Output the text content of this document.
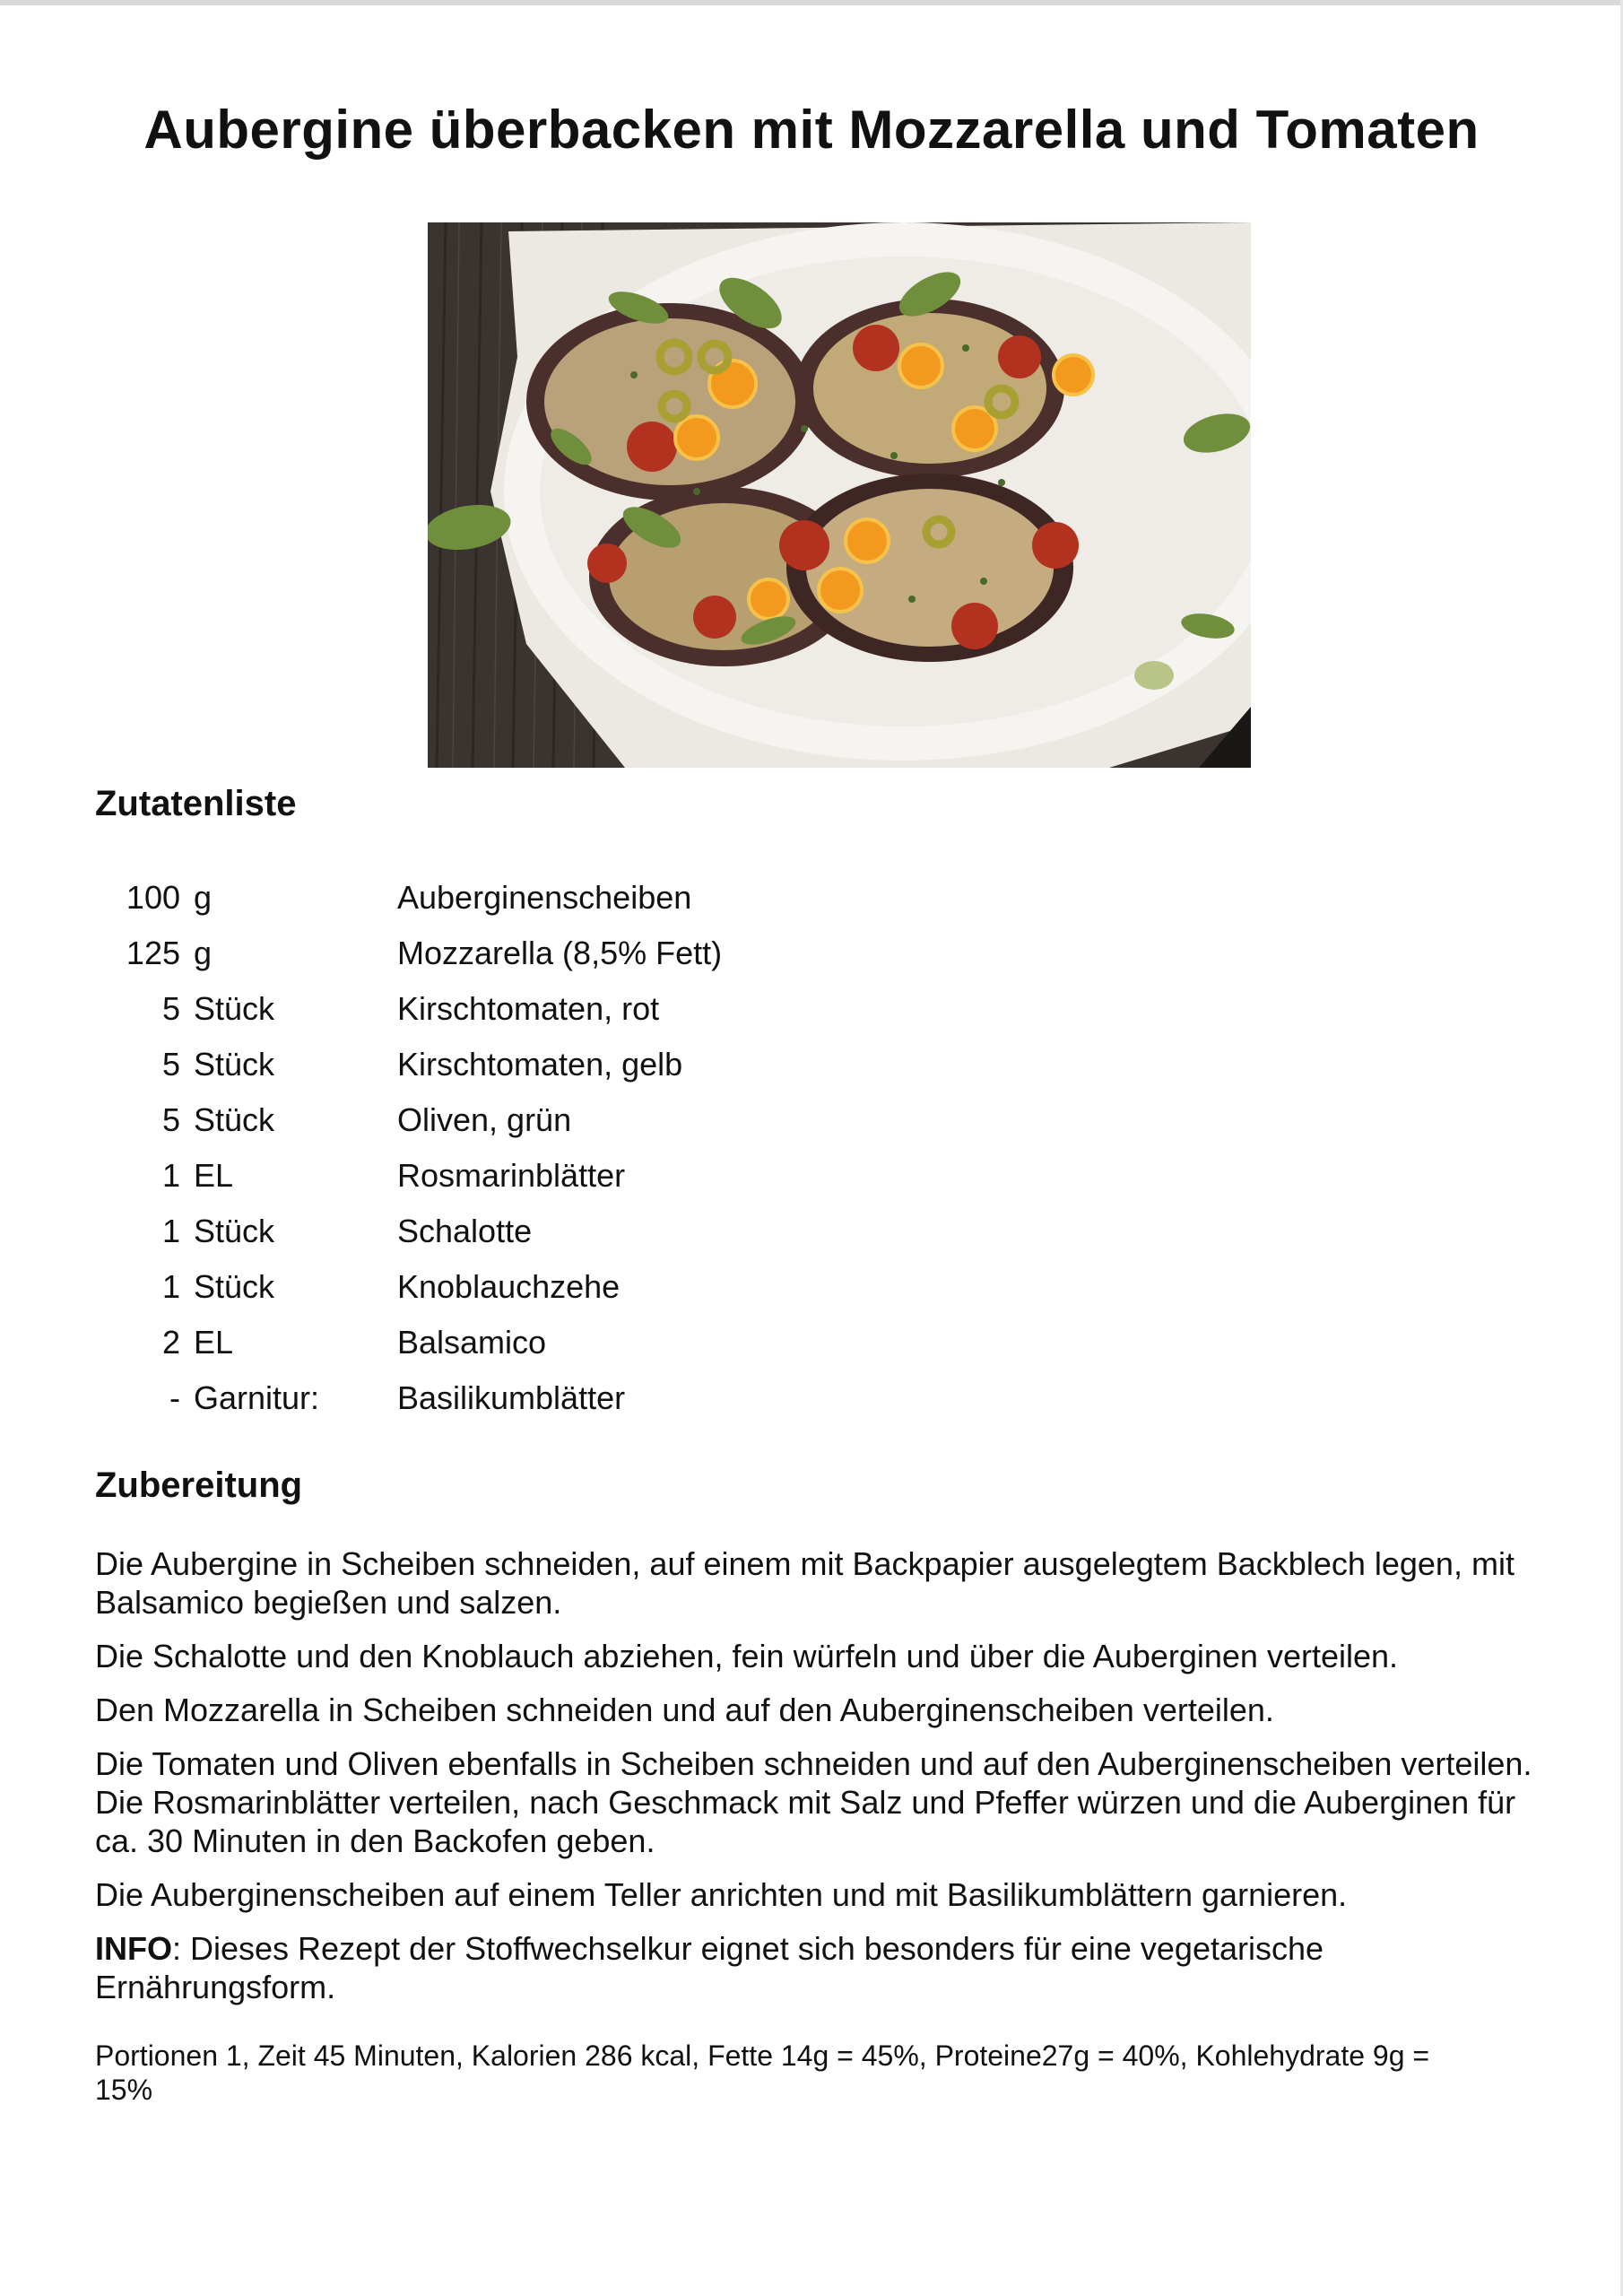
Aubergine überbacken mit Mozzarella und Tomaten
Zutatenliste
100 g	Auberginenscheiben
125 g	Mozzarella (8,5% Fett)
5 Stück	Kirschtomaten, rot
5 Stück	Kirschtomaten, gelb
5 Stück	Oliven, grün
1 EL	Rosmarinblätter
1 Stück	Schalotte
1 Stück	Knoblauchzehe
2 EL	Balsamico
- Garnitur: Basilikumblätter
Zubereitung

Die Aubergine in Scheiben schneiden, auf einem mit Backpapier ausgelegtem Backblech legen, mit Balsamico begießen und salzen.

Die Schalotte und den Knoblauch abziehen, fein würfeln und über die Auberginen verteilen.

Den Mozzarella in Scheiben schneiden und auf den Auberginenscheiben verteilen.

Die Tomaten und Oliven ebenfalls in Scheiben schneiden und auf den Auberginenscheiben verteilen. Die Rosmarinblätter verteilen, nach Geschmack mit Salz und Pfeffer würzen und die Auberginen für ca. 30 Minuten in den Backofen geben.

Die Auberginenscheiben auf einem Teller anrichten und mit Basilikumblättern garnieren.

INFO: Dieses Rezept der Stoffwechselkur eignet sich besonders für eine vegetarische Ernährungsform.

Portionen 1, Zeit 45 Minuten, Kalorien 286 kcal, Fette 14g = 45%, Proteine27g = 40%, Kohlehydrate 9g = 15%
